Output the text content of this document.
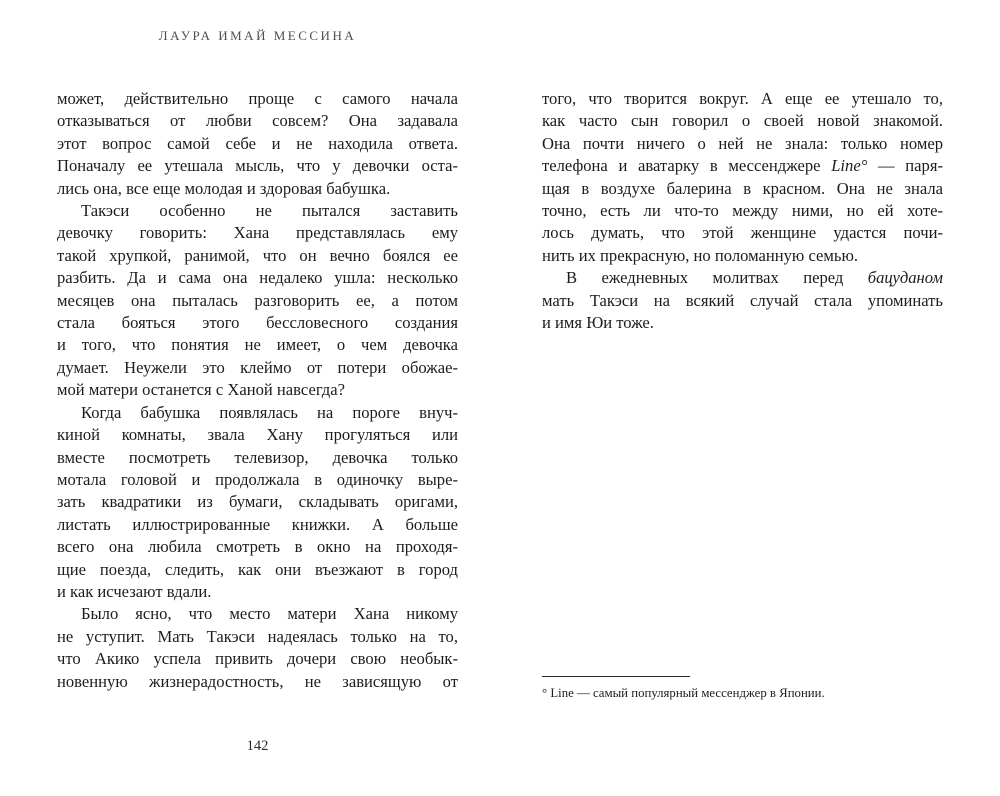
ЛАУРА ИМАЙ МЕССИНА
может, действительно проще с самого начала
отказываться от любви совсем? Она задавала
этот вопрос самой себе и не находила ответа.
Поначалу ее утешала мысль, что у девочки оста-
лись она, все еще молодая и здоровая бабушка.
Такэси особенно не пытался заставить
девочку говорить: Хана представлялась ему
такой хрупкой, ранимой, что он вечно боялся ее
разбить. Да и сама она недалеко ушла: несколько
месяцев она пыталась разговорить ее, а потом
стала бояться этого бессловесного создания
и того, что понятия не имеет, о чем девочка
думает. Неужели это клеймо от потери обожае-
мой матери останется с Ханой навсегда?
Когда бабушка появлялась на пороге внуч-
киной комнаты, звала Хану прогуляться или
вместе посмотреть телевизор, девочка только
мотала головой и продолжала в одиночку выре-
зать квадратики из бумаги, складывать оригами,
листать иллюстрированные книжки. А больше
всего она любила смотреть в окно на проходя-
щие поезда, следить, как они въезжают в город
и как исчезают вдали.
Было ясно, что место матери Хана никому
не уступит. Мать Такэси надеялась только на то,
что Акико успела привить дочери свою необык-
новенную жизнерадостность, не зависящую от
того, что творится вокруг. А еще ее утешало то,
как часто сын говорил о своей новой знакомой.
Она почти ничего о ней не знала: только номер
телефона и аватарку в мессенджере Line° — паря-
щая в воздухе балерина в красном. Она не знала
точно, есть ли что-то между ними, но ей хоте-
лось думать, что этой женщине удастся почи-
нить их прекрасную, но поломанную семью.
В ежедневных молитвах перед бацуданом
мать Такэси на всякий случай стала упоминать
и имя Юи тоже.
142
° Line — самый популярный мессенджер в Японии.
